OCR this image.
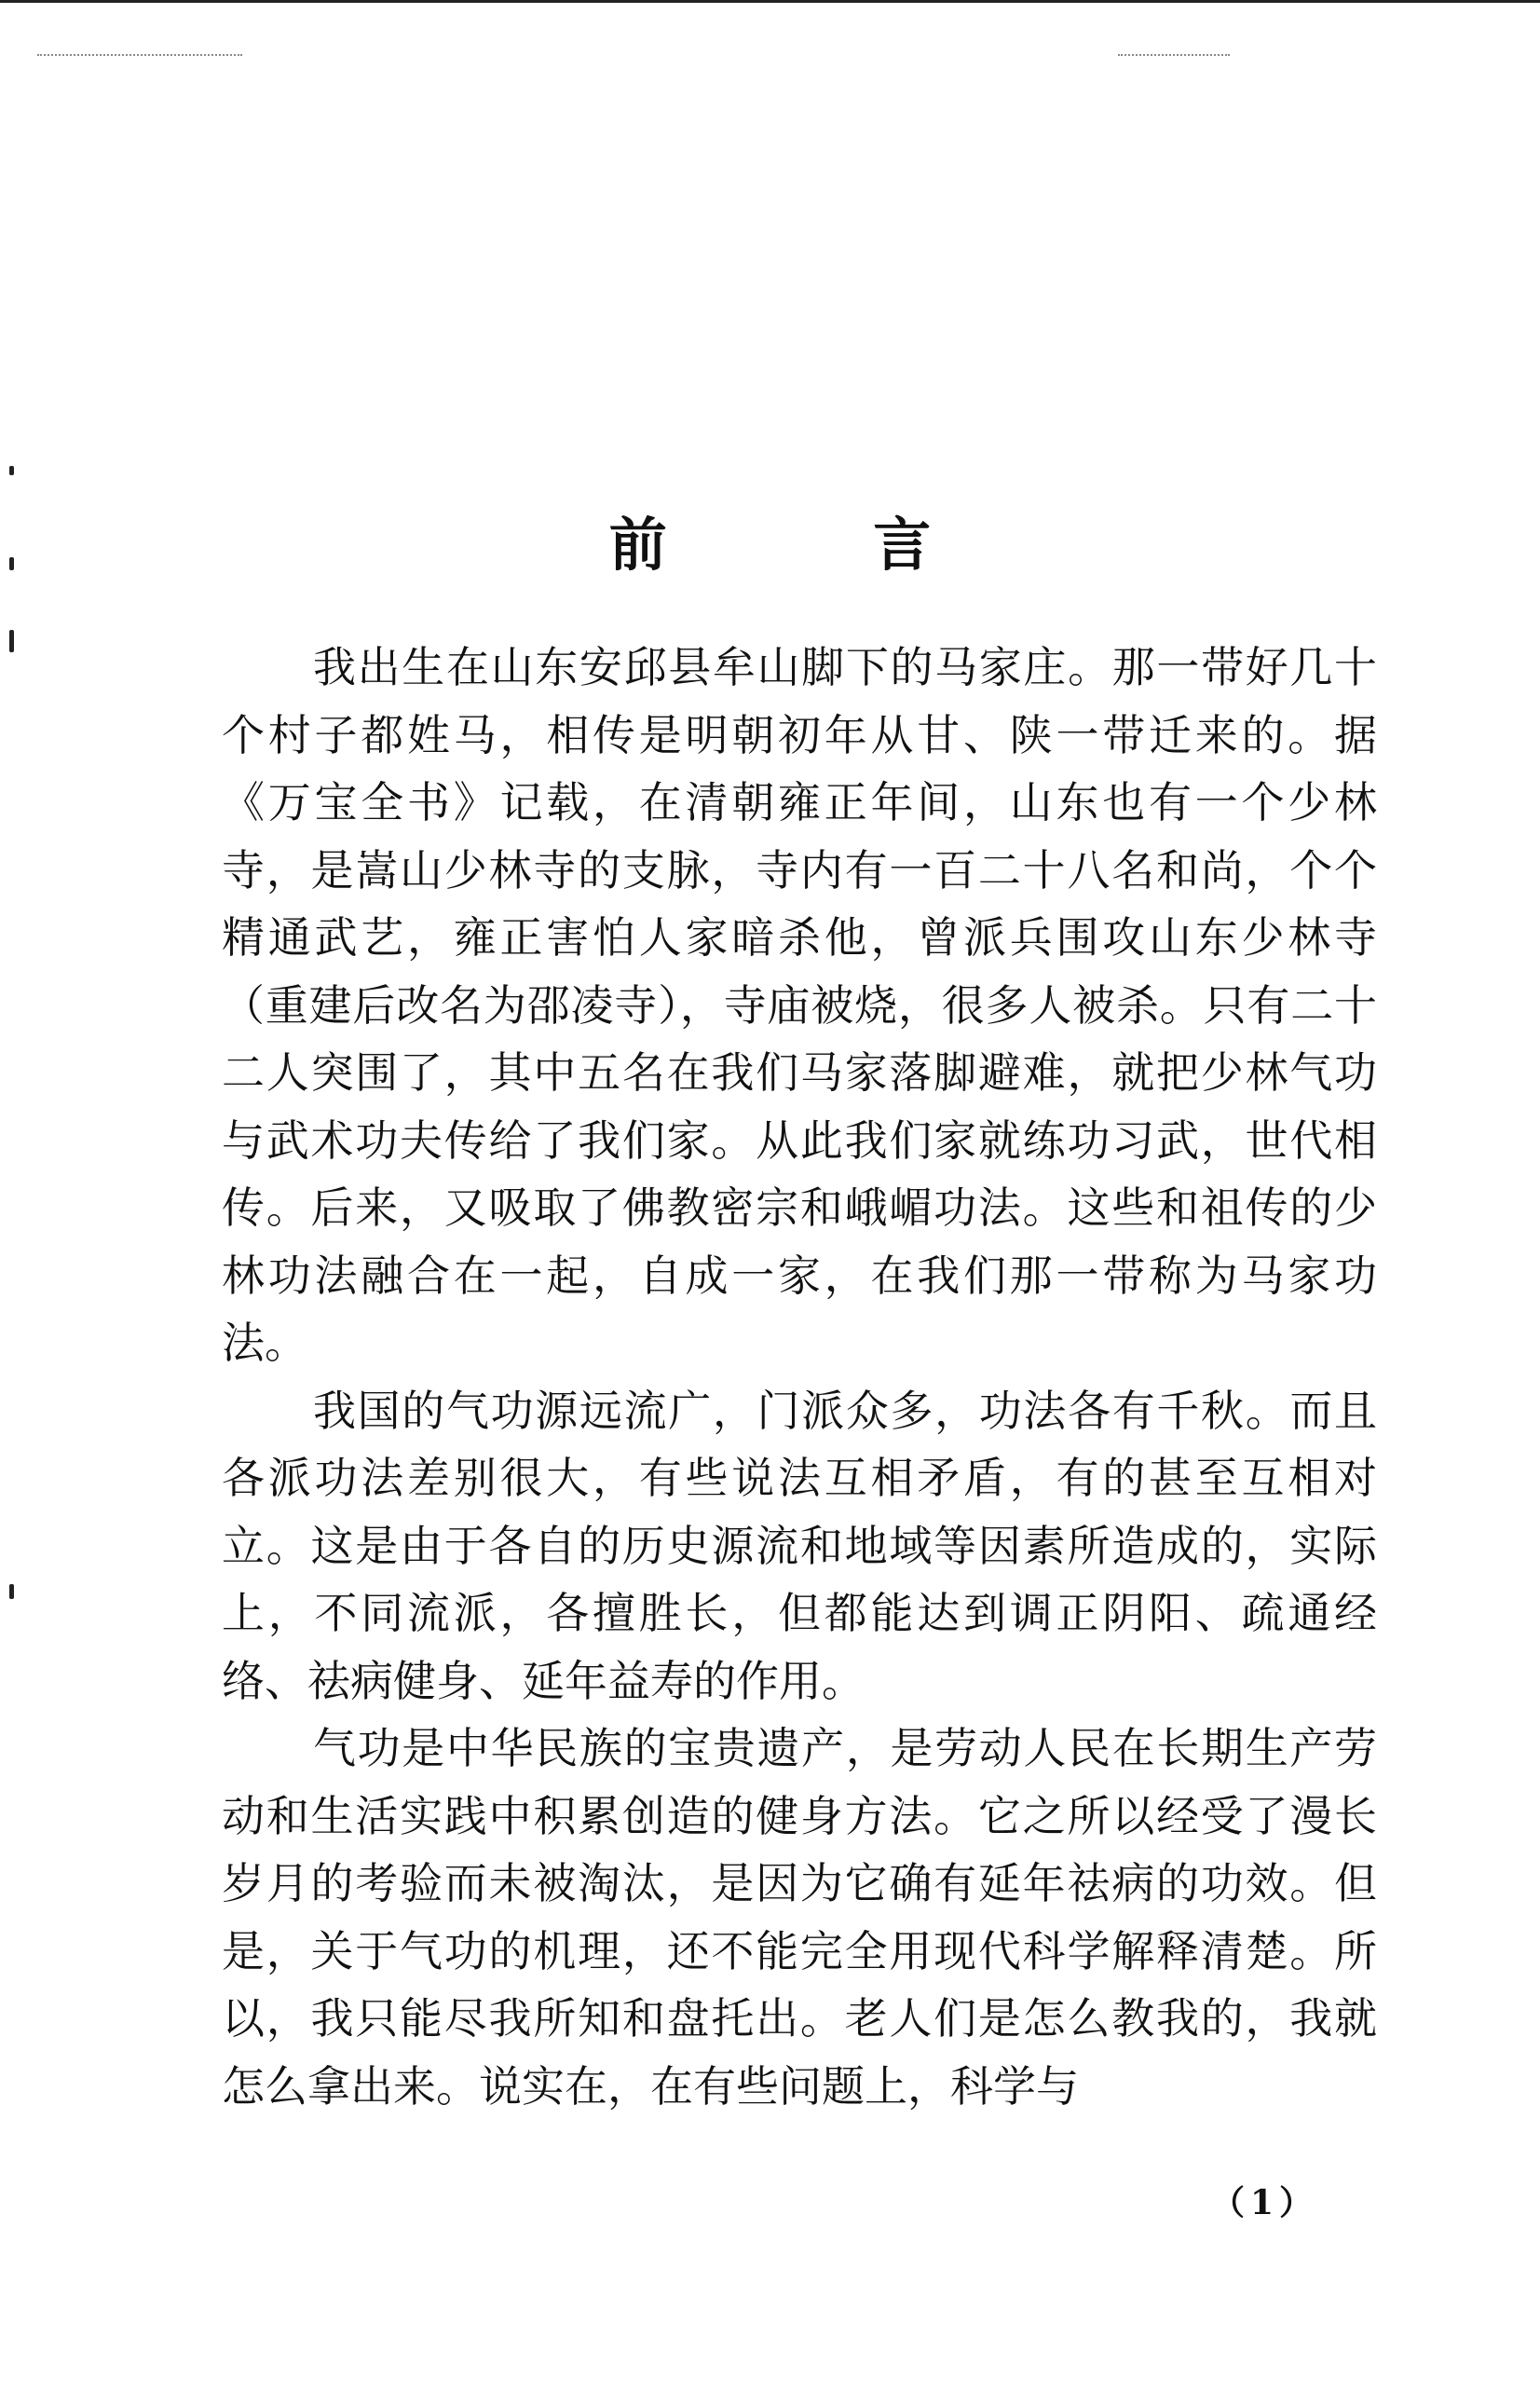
前 言

我出生在山东安邱县牟山脚下的马家庄。那一带好几十个村子都姓马，相传是明朝初年从甘、陕一带迁来的。据《万宝全书》记载，在清朝雍正年间，山东也有一个少林寺，是嵩山少林寺的支脉，寺内有一百二十八名和尚，个个精通武艺，雍正害怕人家暗杀他，曾派兵围攻山东少林寺（重建后改名为邵凌寺），寺庙被烧，很多人被杀。只有二十二人突围了，其中五名在我们马家落脚避难，就把少林气功与武术功夫传给了我们家。从此我们家就练功习武，世代相传。后来，又吸取了佛教密宗和峨嵋功法。这些和祖传的少林功法融合在一起，自成一家，在我们那一带称为马家功法。

我国的气功源远流广，门派众多，功法各有千秋。而且各派功法差别很大，有些说法互相矛盾，有的甚至互相对立。这是由于各自的历史源流和地域等因素所造成的，实际上，不同流派，各擅胜长，但都能达到调正阴阳、疏通经络、祛病健身、延年益寿的作用。

气功是中华民族的宝贵遗产，是劳动人民在长期生产劳动和生活实践中积累创造的健身方法。它之所以经受了漫长岁月的考验而未被淘汰，是因为它确有延年祛病的功效。但是，关于气功的机理，还不能完全用现代科学解释清楚。所以，我只能尽我所知和盘托出。老人们是怎么教我的，我就怎么拿出来。说实在，在有些问题上，科学与

（1）
